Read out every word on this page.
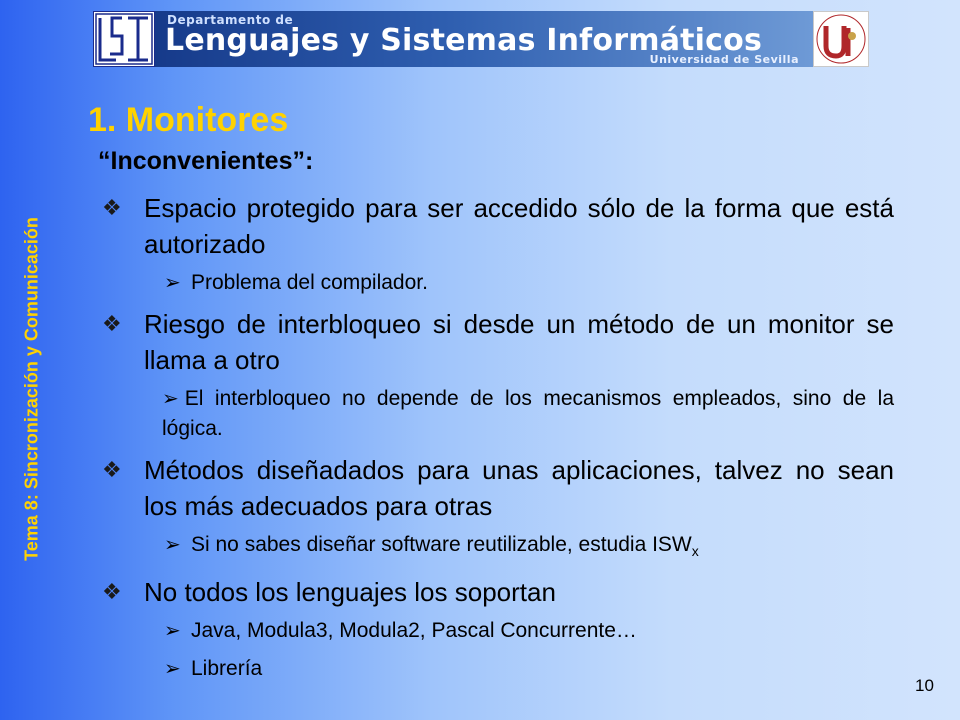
Departamento de
Lenguajes y Sistemas Informáticos
Universidad de Sevilla
Tema 8: Sincronización y Comunicación
1. Monitores
“Inconvenientes”:
❖ Espacio protegido para ser accedido sólo de la forma que está autorizado
➢ Problema del compilador.
❖ Riesgo de interbloqueo si desde un método de un monitor se llama a otro
➢ El interbloqueo no depende de los mecanismos empleados, sino de la lógica.
❖ Métodos diseñadados para unas aplicaciones, talvez no sean los más adecuados para otras
➢ Si no sabes diseñar software reutilizable, estudia $ISW_x$
❖ No todos los lenguajes los soportan
➢ Java, Modula3, Modula2, Pascal Concurrente…
➢ Librería
10
